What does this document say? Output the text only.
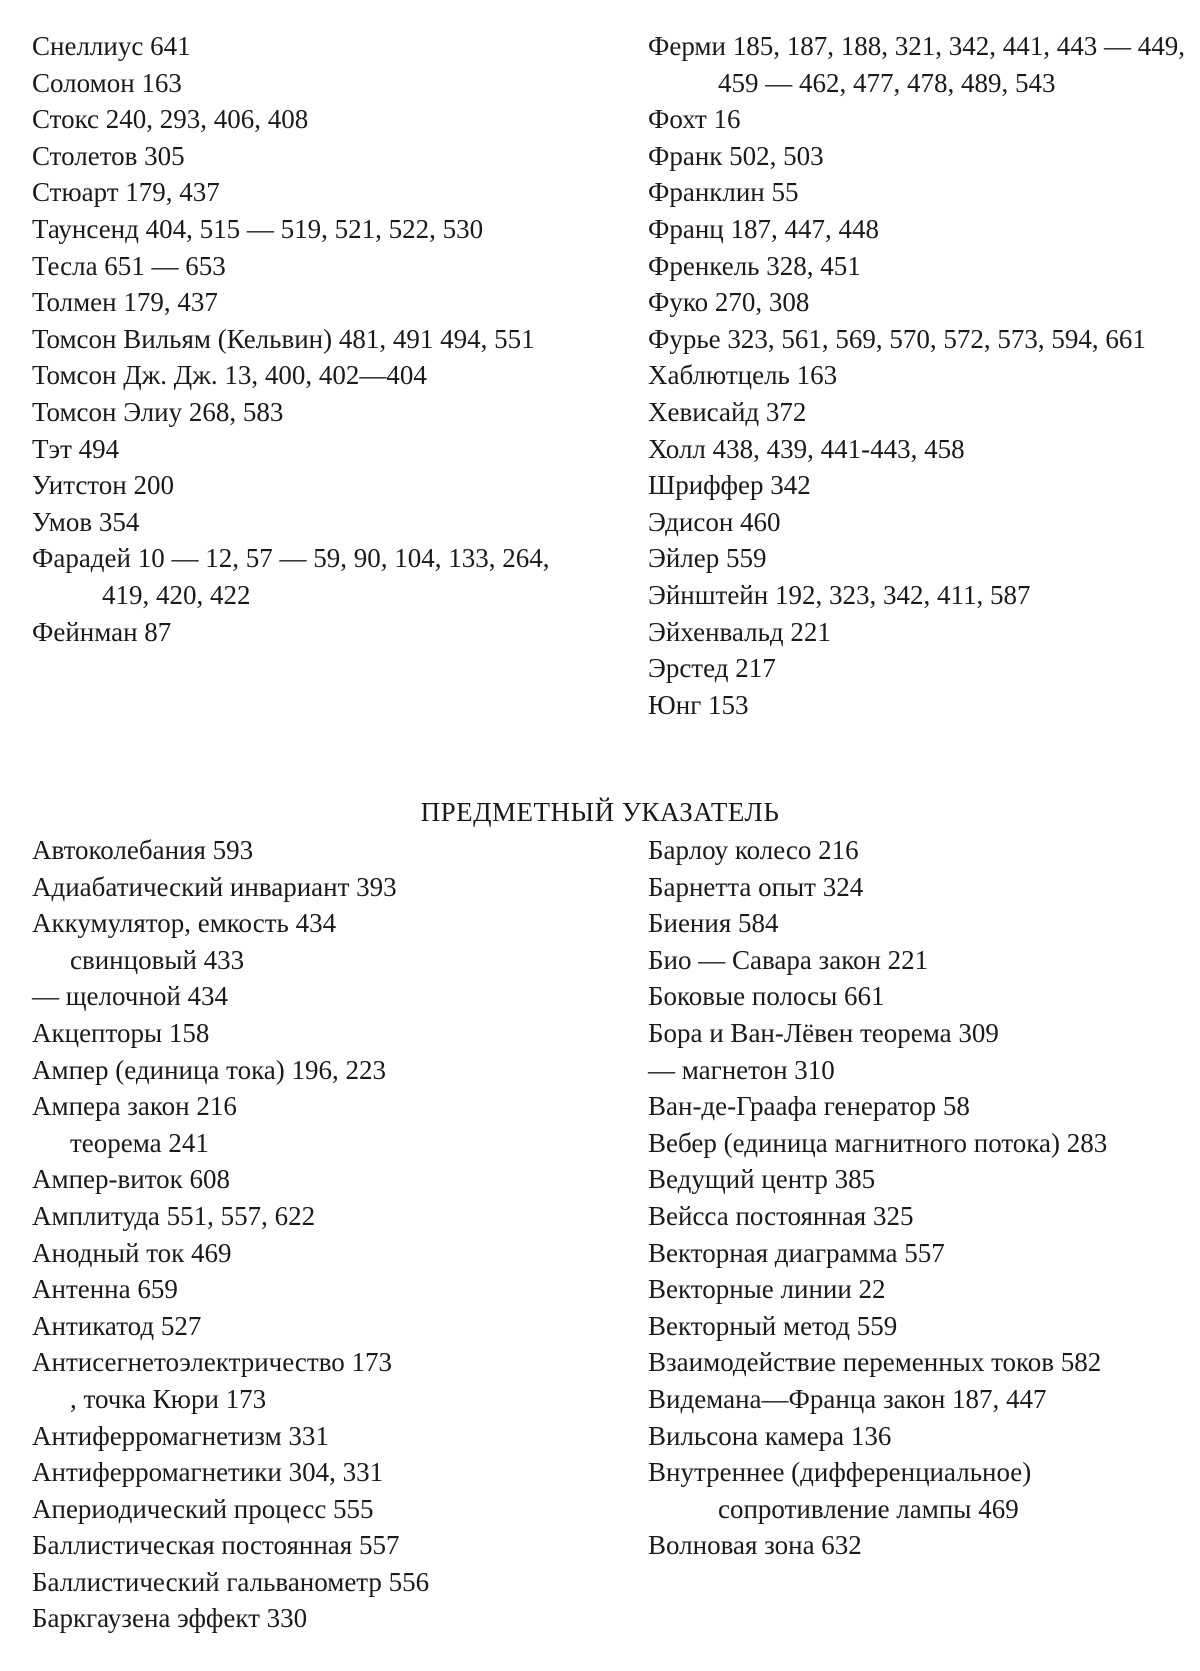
Снеллиус 641
Соломон 163
Стокс 240, 293, 406, 408
Столетов 305
Стюарт 179, 437
Таунсенд 404, 515 — 519, 521, 522, 530
Тесла 651 — 653
Толмен 179, 437
Томсон Вильям (Кельвин) 481, 491 494, 551
Томсон Дж. Дж. 13, 400, 402—404
Томсон Элиу 268, 583
Тэт 494
Уитстон 200
Умов 354
Фарадей 10 — 12, 57 — 59, 90, 104, 133, 264, 419, 420, 422
Фейнман 87
Ферми 185, 187, 188, 321, 342, 441, 443 — 449, 459 — 462, 477, 478, 489, 543
Фохт 16
Франк 502, 503
Франклин 55
Франц 187, 447, 448
Френкель 328, 451
Фуко 270, 308
Фурье 323, 561, 569, 570, 572, 573, 594, 661
Хаблютцель 163
Хевисайд 372
Холл 438, 439, 441-443, 458
Шриффер 342
Эдисон 460
Эйлер 559
Эйнштейн 192, 323, 342, 411, 587
Эйхенвальд 221
Эрстед 217
Юнг 153
ПРЕДМЕТНЫЙ УКАЗАТЕЛЬ
Автоколебания 593
Адиабатический инвариант 393
Аккумулятор, емкость 434
свинцовый 433
— щелочной 434
Акцепторы 158
Ампер (единица тока) 196, 223
Ампера закон 216
теорема 241
Ампер-виток 608
Амплитуда 551, 557, 622
Анодный ток 469
Антенна 659
Антикатод 527
Антисегнетоэлектричество 173
, точка Кюри 173
Антиферромагнетизм 331
Антиферромагнетики 304, 331
Апериодический процесс 555
Баллистическая постоянная 557
Баллистический гальванометр 556
Баркгаузена эффект 330
Барлоу колесо 216
Барнетта опыт 324
Биения 584
Био — Савара закон 221
Боковые полосы 661
Бора и Ван-Лёвен теорема 309
— магнетон 310
Ван-де-Граафа генератор 58
Вебер (единица магнитного потока) 283
Ведущий центр 385
Вейсса постоянная 325
Векторная диаграмма 557
Векторные линии 22
Векторный метод 559
Взаимодействие переменных токов 582
Видемана—Франца закон 187, 447
Вильсона камера 136
Внутреннее (дифференциальное) сопротивление лампы 469
Волновая зона 632
